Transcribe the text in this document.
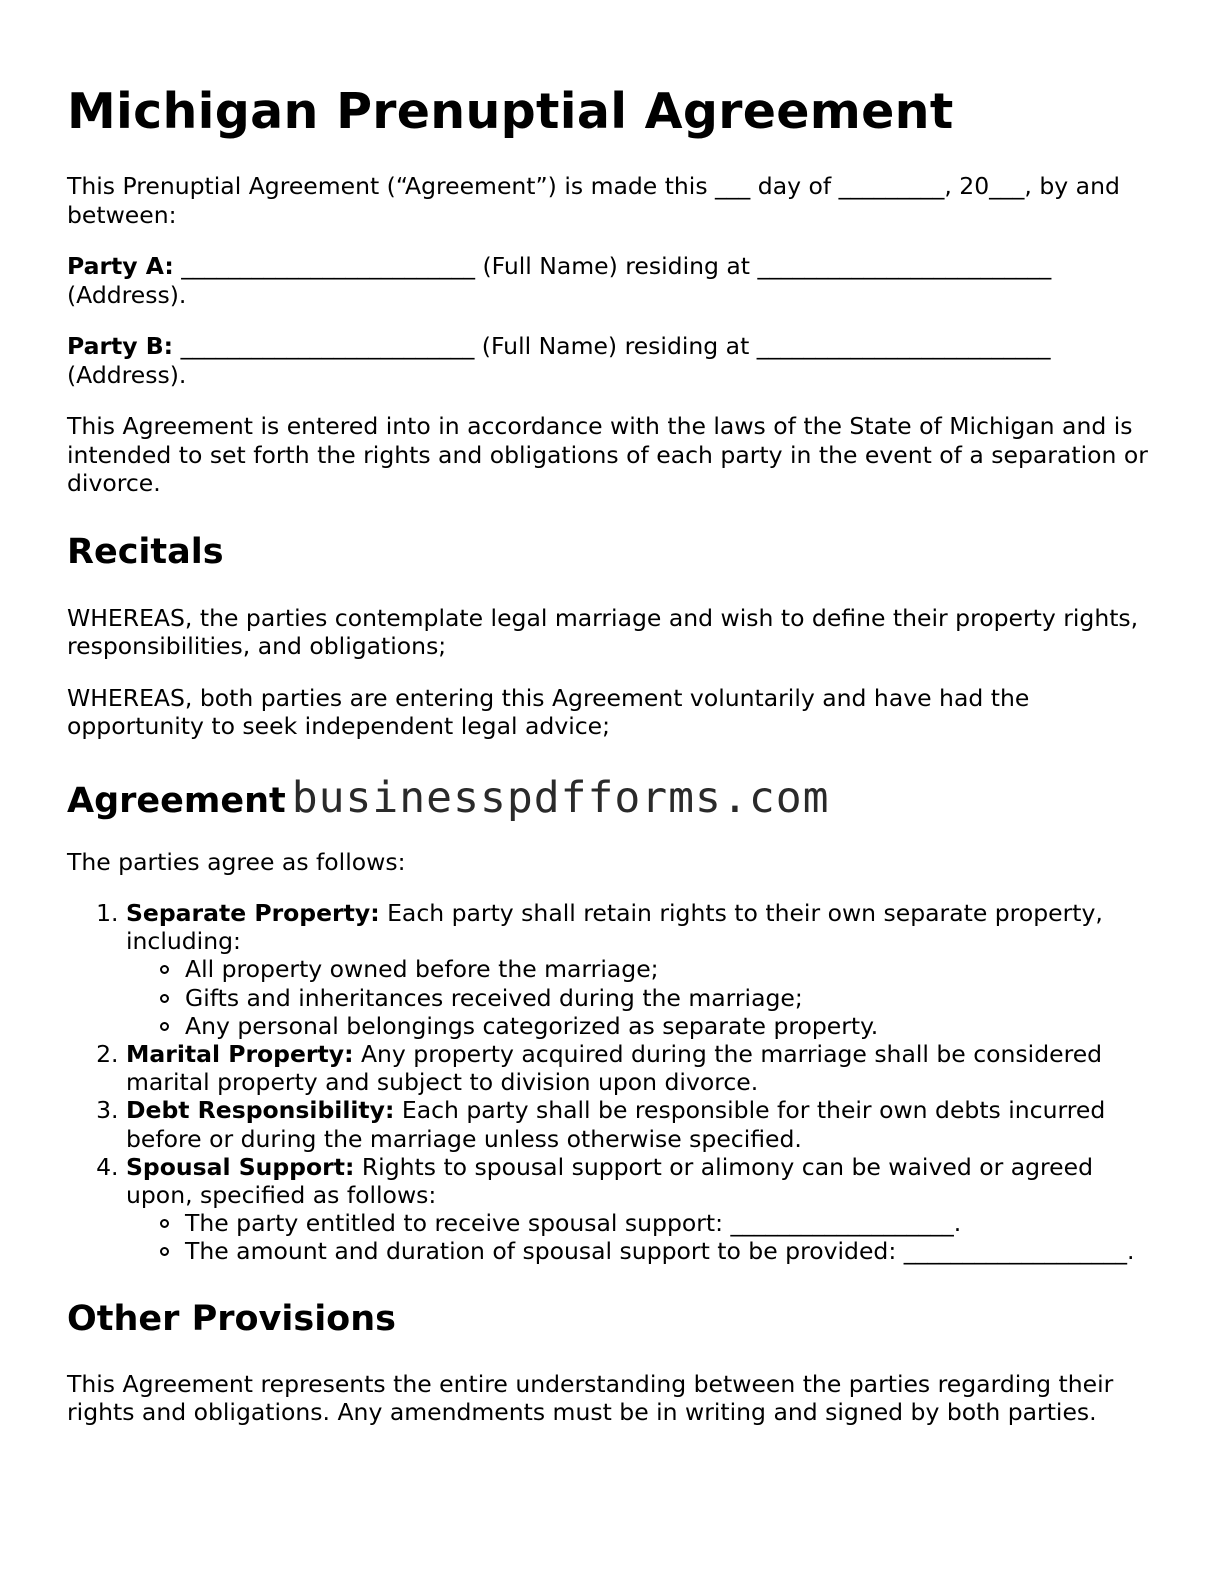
Michigan Prenuptial Agreement

This Prenuptial Agreement (“Agreement”) is made this ___ day of _________, 20___, by and between:

Party A: _________________________ (Full Name) residing at _________________________ (Address).

Party B: _________________________ (Full Name) residing at _________________________ (Address).

This Agreement is entered into in accordance with the laws of the State of Michigan and is intended to set forth the rights and obligations of each party in the event of a separation or divorce.

Recitals

WHEREAS, the parties contemplate legal marriage and wish to define their property rights, responsibilities, and obligations;

WHEREAS, both parties are entering this Agreement voluntarily and have had the opportunity to seek independent legal advice;

Agreement businesspdfforms.com

The parties agree as follows:

1. Separate Property: Each party shall retain rights to their own separate property, including:
All property owned before the marriage;
Gifts and inheritances received during the marriage;
Any personal belongings categorized as separate property.
2. Marital Property: Any property acquired during the marriage shall be considered marital property and subject to division upon divorce.
3. Debt Responsibility: Each party shall be responsible for their own debts incurred before or during the marriage unless otherwise specified.
4. Spousal Support: Rights to spousal support or alimony can be waived or agreed upon, specified as follows:
The party entitled to receive spousal support: ___________________.
The amount and duration of spousal support to be provided: ___________________.
Other Provisions

This Agreement represents the entire understanding between the parties regarding their rights and obligations. Any amendments must be in writing and signed by both parties.
